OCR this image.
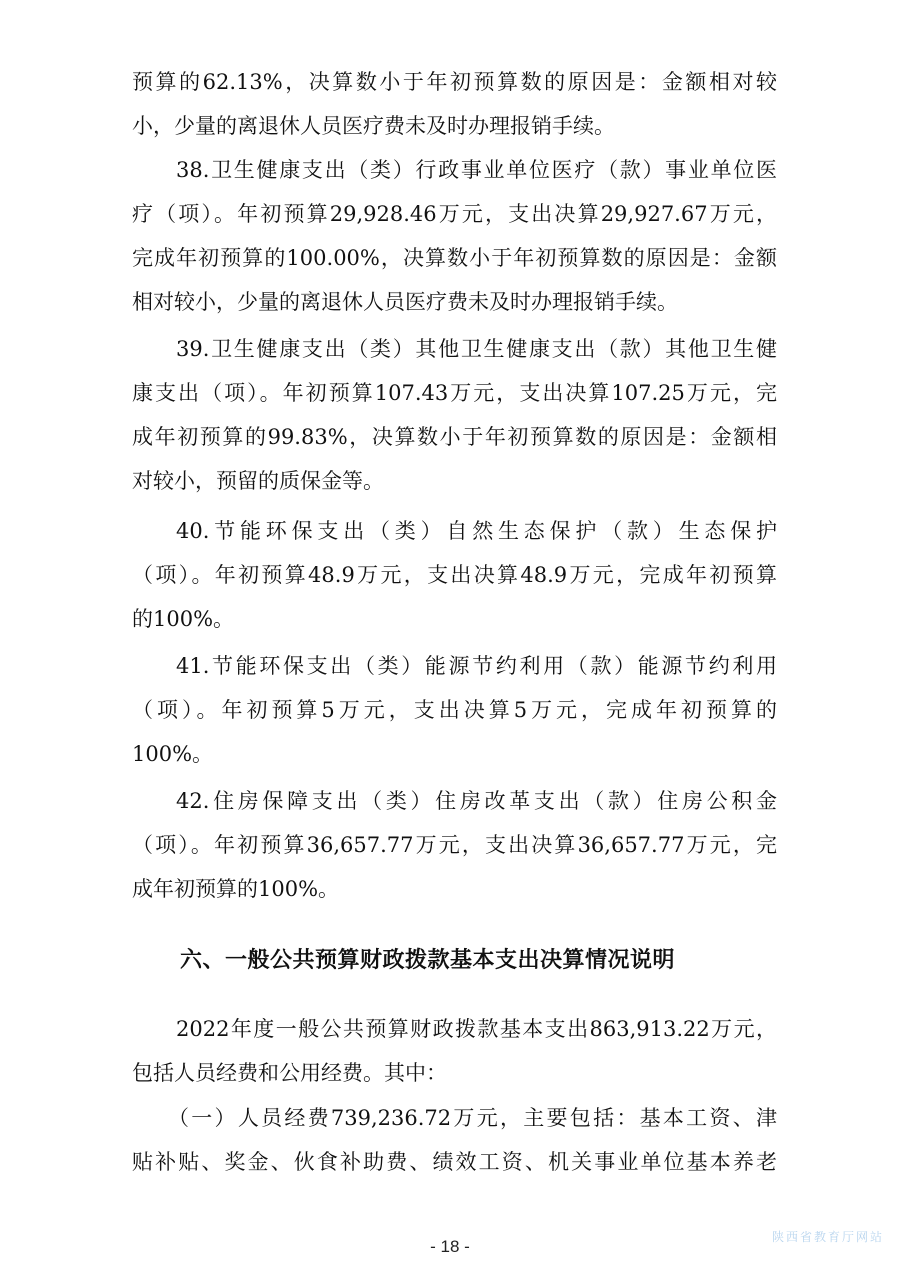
预算的62.13%，决算数小于年初预算数的原因是：金额相对较
小，少量的离退休人员医疗费未及时办理报销手续。
38.卫生健康支出（类）行政事业单位医疗（款）事业单位医
疗（项）。年初预算29,928.46万元，支出决算29,927.67万元，
完成年初预算的100.00%，决算数小于年初预算数的原因是：金额
相对较小，少量的离退休人员医疗费未及时办理报销手续。
39.卫生健康支出（类）其他卫生健康支出（款）其他卫生健
康支出（项）。年初预算107.43万元，支出决算107.25万元，完
成年初预算的99.83%，决算数小于年初预算数的原因是：金额相
对较小，预留的质保金等。
40.节能环保支出（类）自然生态保护（款）生态保护
（项）。年初预算48.9万元，支出决算48.9万元，完成年初预算
的100%。
41.节能环保支出（类）能源节约利用（款）能源节约利用
（项）。年初预算5万元，支出决算5万元，完成年初预算的
100%。
42.住房保障支出（类）住房改革支出（款）住房公积金
（项）。年初预算36,657.77万元，支出决算36,657.77万元，完
成年初预算的100%。
六、一般公共预算财政拨款基本支出决算情况说明
2022年度一般公共预算财政拨款基本支出863,913.22万元，
包括人员经费和公用经费。其中：
（一）人员经费739,236.72万元，主要包括：基本工资、津
贴补贴、奖金、伙食补助费、绩效工资、机关事业单位基本养老
- 18 -	陕西省教育厅网站
